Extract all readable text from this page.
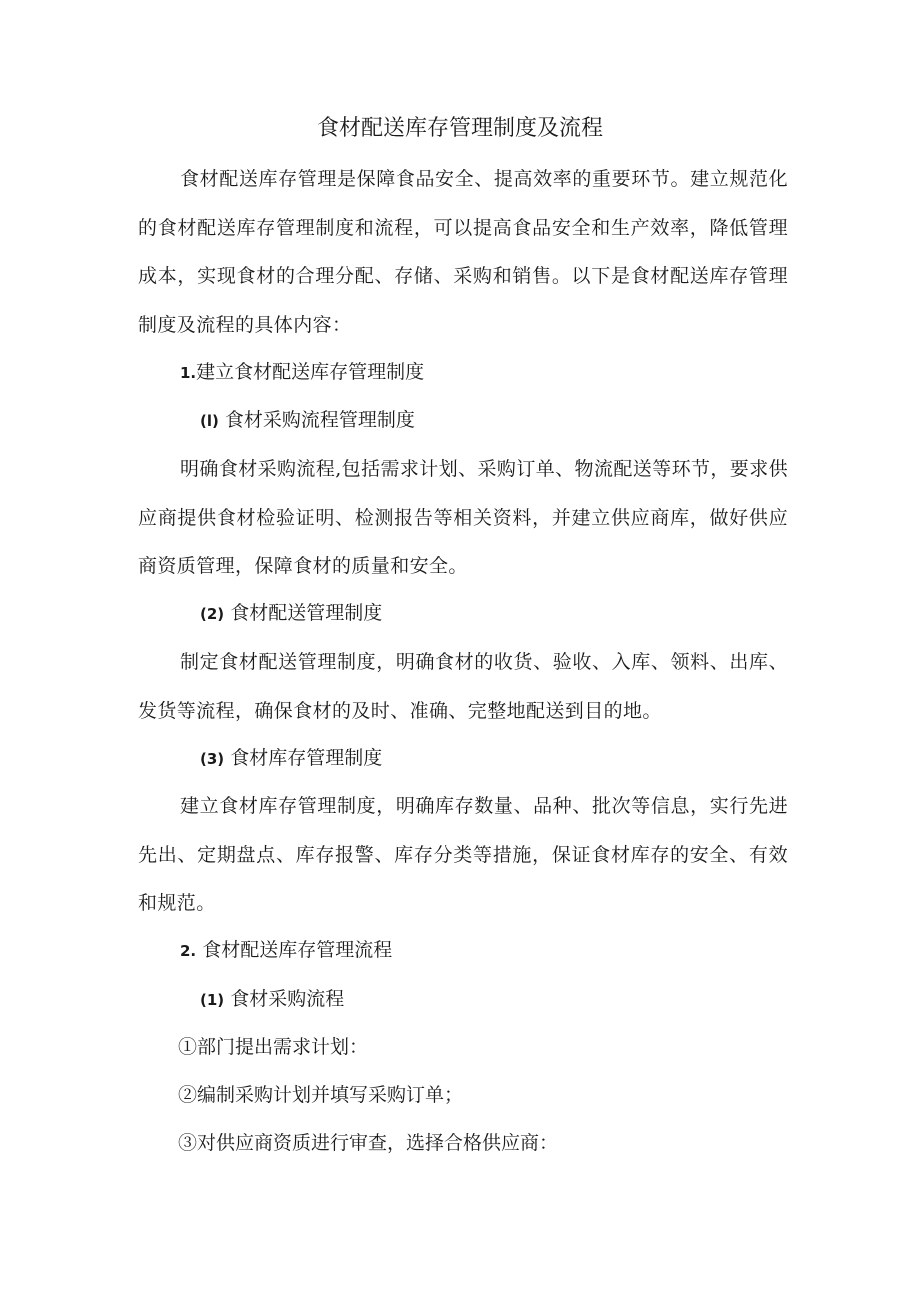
食材配送库存管理制度及流程

食材配送库存管理是保障食品安全、提高效率的重要环节。建立规范化的食材配送库存管理制度和流程，可以提高食品安全和生产效率，降低管理成本，实现食材的合理分配、存储、采购和销售。以下是食材配送库存管理制度及流程的具体内容：

1.建立食材配送库存管理制度

(l) 食材采购流程管理制度

明确食材采购流程,包括需求计划、采购订单、物流配送等环节，要求供应商提供食材检验证明、检测报告等相关资料，并建立供应商库，做好供应商资质管理，保障食材的质量和安全。

(2) 食材配送管理制度

制定食材配送管理制度，明确食材的收货、验收、入库、领料、出库、发货等流程，确保食材的及时、准确、完整地配送到目的地。

(3) 食材库存管理制度

建立食材库存管理制度，明确库存数量、品种、批次等信息，实行先进先出、定期盘点、库存报警、库存分类等措施，保证食材库存的安全、有效和规范。

2. 食材配送库存管理流程

(1) 食材采购流程

①部门提出需求计划：

②编制采购计划并填写采购订单；

③对供应商资质进行审查，选择合格供应商：
